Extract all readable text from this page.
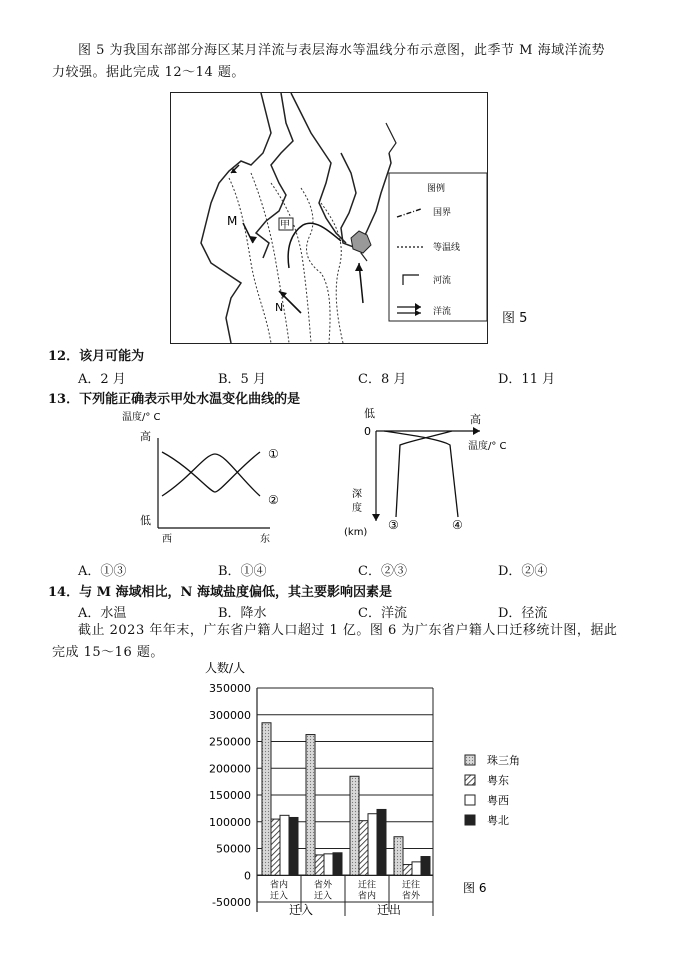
图 5 为我国东部部分海区某月洋流与表层海水等温线分布示意图，此季节 M 海域洋流势
力较强。据此完成 12～14 题。
M
N
甲
图例
国界
等温线
河流
洋流	图 5
12．该月可能为
A．2 月	B．5 月	C．8 月	D．11 月
13．下列能正确表示甲处水温变化曲线的是
温度/° C
高
低
①
②
西	东
低
0
高
温度/° C
深
度
(km)
③	④
A．①③	B．①④	C．②③	D．②④
14．与 M 海域相比，N 海域盐度偏低，其主要影响因素是
A．水温	B．降水	C．洋流	D．径流
截止 2023 年年末，广东省户籍人口超过 1 亿。图 6 为广东省户籍人口迁移统计图，据此
完成 15～16 题。
人数/人
350000
300000
250000
200000
150000
100000
50000
0
-50000
省内
迁入
省外
迁入
迁往
省内
迁往
省外
迁入	迁出
珠三角
粤东
粤西
粤北
图 6
